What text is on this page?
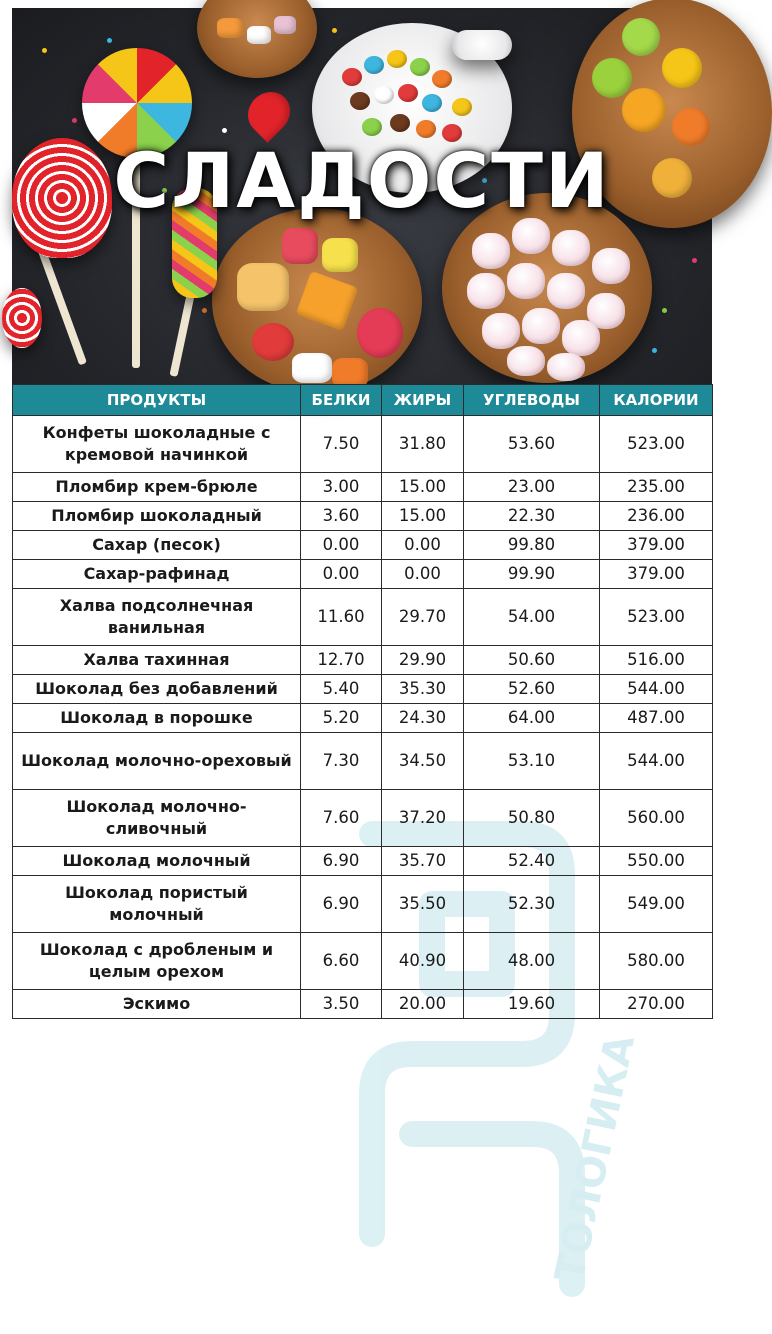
СЛАДОСТИ
ТОЛОГИКА
ПРОДУКТЫ	БЕЛКИ	ЖИРЫ	УГЛЕВОДЫ	КАЛОРИИ
Конфеты шоколадные с кремовой начинкой	7.50	31.80	53.60	523.00
Пломбир крем-брюле	3.00	15.00	23.00	235.00
Пломбир шоколадный	3.60	15.00	22.30	236.00
Сахар (песок)	0.00	0.00	99.80	379.00
Сахар-рафинад	0.00	0.00	99.90	379.00
Халва подсолнечная ванильная	11.60	29.70	54.00	523.00
Халва тахинная	12.70	29.90	50.60	516.00
Шоколад без добавлений	5.40	35.30	52.60	544.00
Шоколад в порошке	5.20	24.30	64.00	487.00
Шоколад молочно-ореховый	7.30	34.50	53.10	544.00
Шоколад молочно-сливочный	7.60	37.20	50.80	560.00
Шоколад молочный	6.90	35.70	52.40	550.00
Шоколад пористый молочный	6.90	35.50	52.30	549.00
Шоколад с дробленым и целым орехом	6.60	40.90	48.00	580.00
Эскимо	3.50	20.00	19.60	270.00
